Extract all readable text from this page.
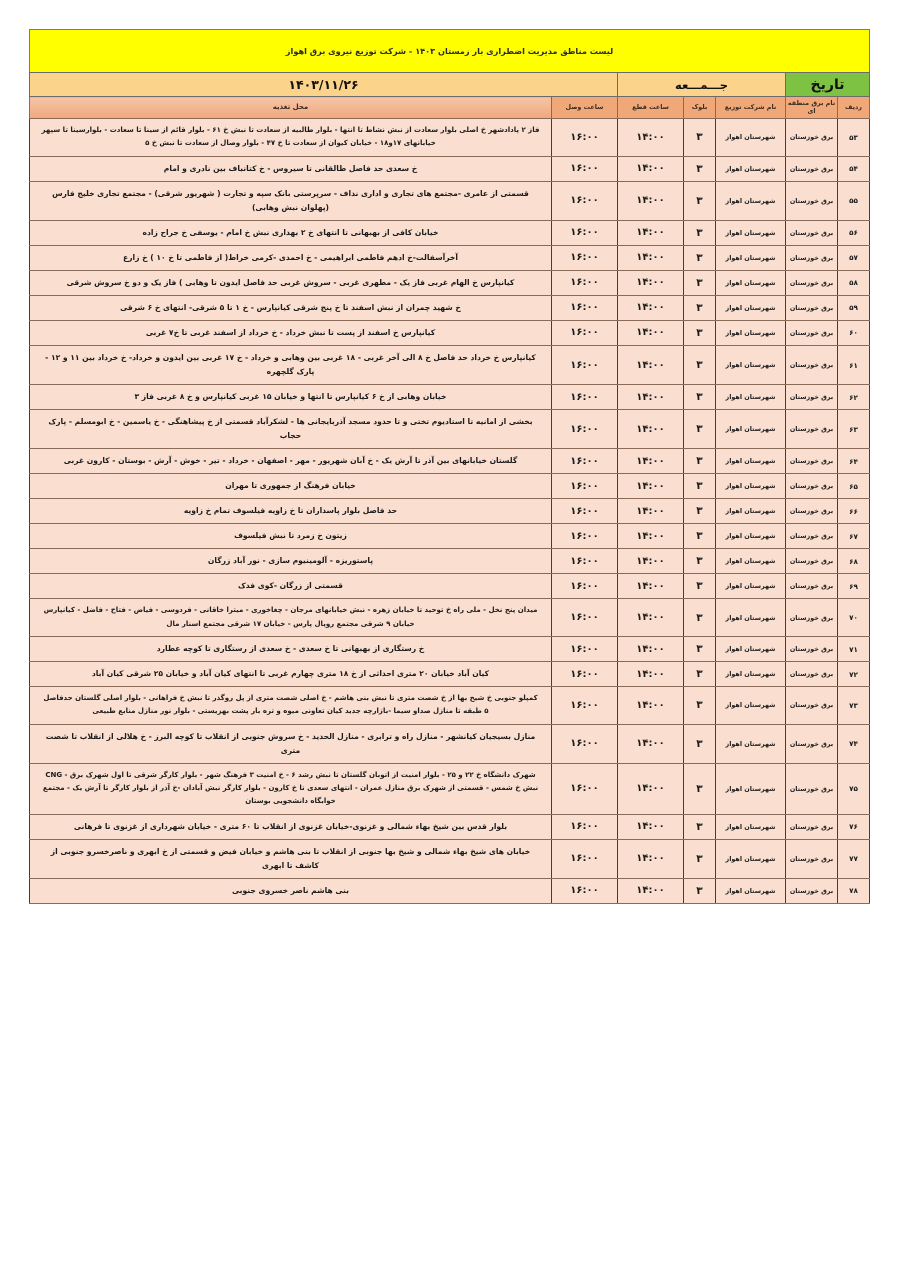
لیست مناطق مدیریت اضطراری بار زمستان ۱۴۰۳ - شرکت توزیع نیروی برق اهواز						
تاریخ		جـــمـــعه			۱۴۰۳/۱۱/۲۶	
ردیف	نام برق منطقه ای	نام شرکت توزیع	بلوک	ساعت قطع	ساعت وصل	محل تغذیه
۵۳	برق خوزستان	شهرستان اهواز	۳	۱۴:۰۰	۱۶:۰۰	فاز ۲ پادادشهر خ اصلی بلوار سعادت از نبش نشاط تا انتها - بلوار طالبیه از سعادت تا نبش خ ۶۱ - بلوار قائم از سینا تا سعادت - بلوارسینا تا سپهر خیابانهای ۱۷و۱۸ - خیابان کیوان از سعادت تا خ ۴۷ - بلوار وصال از سعادت تا نبش خ ۵
۵۴	برق خوزستان	شهرستان اهواز	۳	۱۴:۰۰	۱۶:۰۰	خ سعدی حد فاصل طالقانی تا سیروس - خ کتانباف بین نادری و امام
۵۵	برق خوزستان	شهرستان اهواز	۳	۱۴:۰۰	۱۶:۰۰	قسمتی از عامری -مجتمع های تجاری و اداری نداف - سرپرستی بانک سپه و تجارت ( شهریور شرقی) - مجتمع تجاری خلیج فارس (پهلوان نبش وهابی)
۵۶	برق خوزستان	شهرستان اهواز	۳	۱۴:۰۰	۱۶:۰۰	خیابان کافی از بهبهانی تا انتهای خ ۲ بهداری نبش خ امام - یوسفی خ جراح زاده
۵۷	برق خوزستان	شهرستان اهواز	۳	۱۴:۰۰	۱۶:۰۰	آخرآسفالت-خ ادهم فاطمی ابراهیمی - خ احمدی -کرمی خراط( از فاطمی تا خ ۱۰ ) خ زارع
۵۸	برق خوزستان	شهرستان اهواز	۳	۱۴:۰۰	۱۶:۰۰	کیانپارس خ الهام غربی فاز یک - مطهری غربی - سروش غربی حد فاصل ایدون تا وهابی ) فاز یک و دو خ سروش شرقی
۵۹	برق خوزستان	شهرستان اهواز	۳	۱۴:۰۰	۱۶:۰۰	خ شهید چمران از نبش اسفند تا خ پنج شرقی کیانپارس - خ ۱ تا ۵ شرقی- انتهای خ ۶ شرقی
۶۰	برق خوزستان	شهرستان اهواز	۳	۱۴:۰۰	۱۶:۰۰	کیانپارس خ اسفند از پست تا نبش خرداد - خ خرداد از اسفند غربی تا خ۷ غربی
۶۱	برق خوزستان	شهرستان اهواز	۳	۱۴:۰۰	۱۶:۰۰	کیانپارس خ خرداد حد فاصل خ ۸ الی آخر غربی - ۱۸ غربی بین وهابی و خرداد - خ ۱۷ غربی بین ایدون و خرداد- خ خرداد بین ۱۱ و ۱۲ - پارک گلچهره
۶۲	برق خوزستان	شهرستان اهواز	۳	۱۴:۰۰	۱۶:۰۰	خیابان وهابی از خ ۶ کیانپارس تا انتها و خیابان ۱۵ غربی کیانپارس و خ ۸ غربی فاز ۳
۶۳	برق خوزستان	شهرستان اهواز	۳	۱۴:۰۰	۱۶:۰۰	بخشی از امانیه تا استادیوم تختی و تا حدود مسجد آذربایجانی ها - لشکرآباد قسمتی از خ پیشاهنگی - خ یاسمین - خ ابومسلم - پارک حجاب
۶۴	برق خوزستان	شهرستان اهواز	۳	۱۴:۰۰	۱۶:۰۰	گلستان خیابانهای بین آذر تا آرش یک - خ آبان شهریور - مهر - اصفهان - خرداد - تیر - خوش - آرش - بوستان - کارون غربی
۶۵	برق خوزستان	شهرستان اهواز	۳	۱۴:۰۰	۱۶:۰۰	خیابان فرهنگ از جمهوری تا مهران
۶۶	برق خوزستان	شهرستان اهواز	۳	۱۴:۰۰	۱۶:۰۰	حد فاصل بلوار پاسداران تا خ زاویه فیلسوف تمام خ زاویه
۶۷	برق خوزستان	شهرستان اهواز	۳	۱۴:۰۰	۱۶:۰۰	زیتون خ زمرد تا نبش فیلسوف
۶۸	برق خوزستان	شهرستان اهواز	۳	۱۴:۰۰	۱۶:۰۰	پاستوریزه - آلومینیوم سازی - نور آباد زرگان
۶۹	برق خوزستان	شهرستان اهواز	۳	۱۴:۰۰	۱۶:۰۰	قسمتی از زرگان -کوی فدک
۷۰	برق خوزستان	شهرستان اهواز	۳	۱۴:۰۰	۱۶:۰۰	میدان پنج نخل - ملی راه خ توحید تا خیابان زهره - نبش خیابانهای مرجان - چغاخوری - میترا خاقانی - فردوسی - فیاض - فتاح - فاضل - کیانپارس خیابان ۹ شرقی مجتمع رویال پارس - خیابان ۱۷ شرقی مجتمع اسنار مال
۷۱	برق خوزستان	شهرستان اهواز	۳	۱۴:۰۰	۱۶:۰۰	خ رستگاری از بهبهانی تا خ سعدی - خ سعدی از رستگاری تا کوچه عطارد
۷۲	برق خوزستان	شهرستان اهواز	۳	۱۴:۰۰	۱۶:۰۰	کیان آباد خیابان ۲۰ متری احداثی از خ ۱۸ متری چهارم غربی تا انتهای کیان آباد و خیابان ۲۵ شرقی کیان آباد
۷۳	برق خوزستان	شهرستان اهواز	۳	۱۴:۰۰	۱۶:۰۰	کمپلو جنوبی خ شیخ بها از خ شصت متری تا نبش بنی هاشم - خ اصلی شصت متری از پل روگذر تا نبش خ فراهانی - بلوار اصلی گلستان حدفاصل ۵ طبقه تا منازل صداو سیما -بازارچه جدید کیان تعاونی میوه و تره بار پشت بهزیستی - بلوار نور منازل منابع طبیعی
۷۴	برق خوزستان	شهرستان اهواز	۳	۱۴:۰۰	۱۶:۰۰	منازل بسیجیان کیانشهر - منازل راه و ترابری - منازل الحدید - خ سروش جنوبی از انقلاب تا کوچه البرز - خ هلالی از انقلاب تا شصت متری
۷۵	برق خوزستان	شهرستان اهواز	۳	۱۴:۰۰	۱۶:۰۰	شهرک دانشگاه خ ۲۲ و ۲۵ - بلوار امنیت از اتوبان گلستان تا نبش رشد ۶ - خ امنیت ۳ فرهنگ شهر - بلوار کارگر شرقی تا اول شهرک برق - CNG نبش خ شمس - قسمتی از شهرک برق منازل عمران - انتهای سعدی تا خ کارون - بلوار کارگر نبش آبادان -خ آذر از بلوار کارگر تا آرش یک - مجتمع خوابگاه دانشجویی بوستان
۷۶	برق خوزستان	شهرستان اهواز	۳	۱۴:۰۰	۱۶:۰۰	بلوار قدس بین شیخ بهاء شمالی و غزنوی-خیابان غزنوی از انقلاب تا ۶۰ متری - خیابان شهرداری از غزنوی تا فرهانی
۷۷	برق خوزستان	شهرستان اهواز	۳	۱۴:۰۰	۱۶:۰۰	خیابان های شیخ بهاء شمالی و شیخ بها جنوبی از انقلاب تا بنی هاشم و خیابان فیض و قسمتی از خ ابهری و ناصرخسرو جنوبی از کاشف تا ابهری
۷۸	برق خوزستان	شهرستان اهواز	۳	۱۴:۰۰	۱۶:۰۰	بنی هاشم ناصر خسروی جنوبی
